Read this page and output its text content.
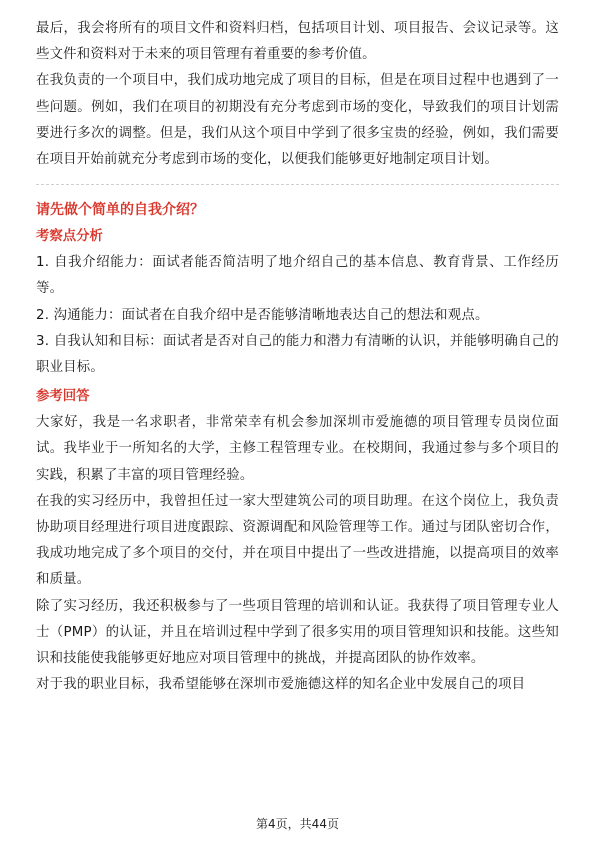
最后，我会将所有的项目文件和资料归档，包括项目计划、项目报告、会议记录等。这些文件和资料对于未来的项目管理有着重要的参考价值。

在我负责的一个项目中，我们成功地完成了项目的目标，但是在项目过程中也遇到了一些问题。例如，我们在项目的初期没有充分考虑到市场的变化，导致我们的项目计划需要进行多次的调整。但是，我们从这个项目中学到了很多宝贵的经验，例如，我们需要在项目开始前就充分考虑到市场的变化，以便我们能够更好地制定项目计划。

请先做个简单的自我介绍？

考察点分析

1. 自我介绍能力：面试者能否简洁明了地介绍自己的基本信息、教育背景、工作经历等。

2. 沟通能力：面试者在自我介绍中是否能够清晰地表达自己的想法和观点。

3. 自我认知和目标：面试者是否对自己的能力和潜力有清晰的认识，并能够明确自己的职业目标。

参考回答

大家好，我是一名求职者，非常荣幸有机会参加深圳市爱施德的项目管理专员岗位面试。我毕业于一所知名的大学，主修工程管理专业。在校期间，我通过参与多个项目的实践，积累了丰富的项目管理经验。

在我的实习经历中，我曾担任过一家大型建筑公司的项目助理。在这个岗位上，我负责协助项目经理进行项目进度跟踪、资源调配和风险管理等工作。通过与团队密切合作，我成功地完成了多个项目的交付，并在项目中提出了一些改进措施，以提高项目的效率和质量。

除了实习经历，我还积极参与了一些项目管理的培训和认证。我获得了项目管理专业人士（PMP）的认证，并且在培训过程中学到了很多实用的项目管理知识和技能。这些知识和技能使我能够更好地应对项目管理中的挑战，并提高团队的协作效率。

对于我的职业目标，我希望能够在深圳市爱施德这样的知名企业中发展自己的项目

第4页，共44页
